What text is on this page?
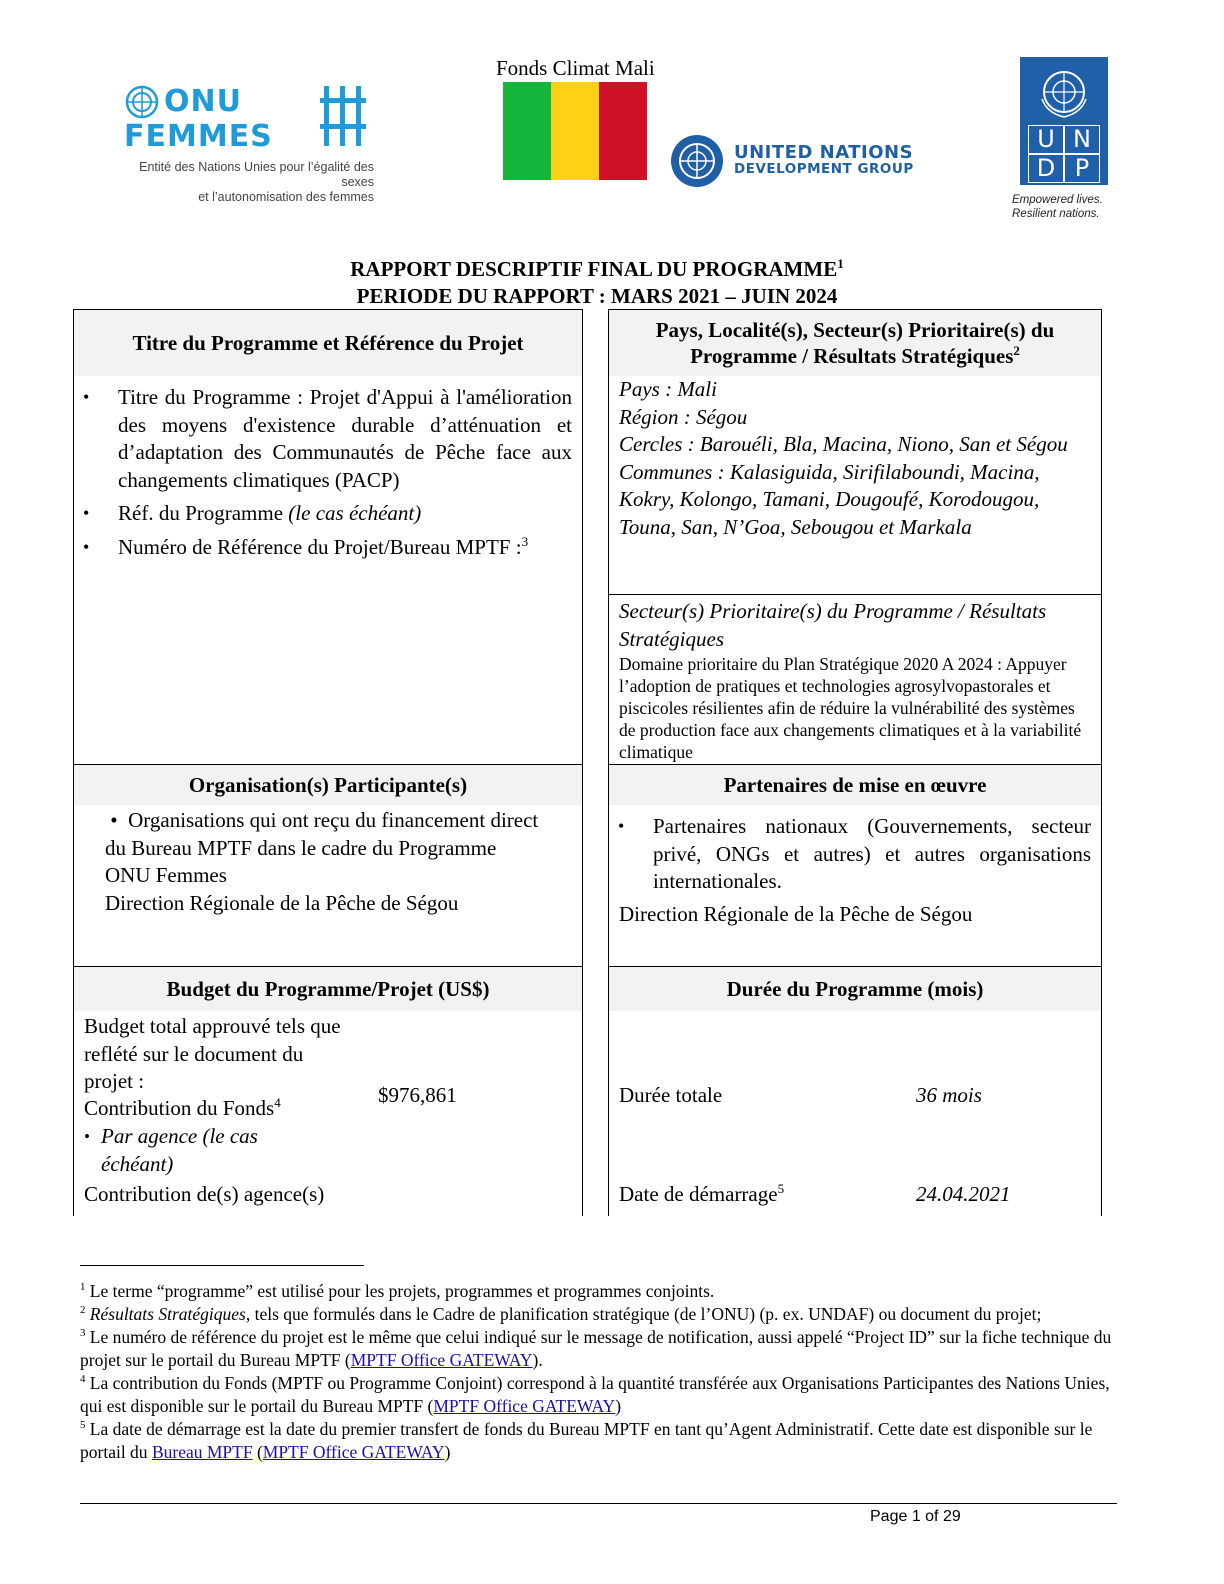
ONU
FEMMES
Entité des Nations Unies pour l’égalité des sexes
et l’autonomisation des femmes
Fonds Climat Mali
UNITED NATIONS
DEVELOPMENT GROUP
U N
D P
Empowered lives.
Resilient nations.
RAPPORT DESCRIPTIF FINAL DU PROGRAMME$^1$
PERIODE DU RAPPORT : MARS 2021 – JUIN 2024
Titre du Programme et Référence du Projet
• Titre du Programme : Projet d'Appui à l'amélioration des moyens d'existence durable d’atténuation et d’adaptation des Communautés de Pêche face aux changements climatiques (PACP)
• Réf. du Programme (le cas échéant)
• Numéro de Référence du Projet/Bureau MPTF :$^3$
Pays, Localité(s), Secteur(s) Prioritaire(s) du Programme / Résultats Stratégiques$^2$
Pays : Mali
Région : Ségou
Cercles : Barouéli, Bla, Macina, Niono, San et Ségou
Communes : Kalasiguida, Sirifilaboundi, Macina, Kokry, Kolongo, Tamani, Dougoufé, Korodougou, Touna, San, N’Goa, Sebougou et Markala
Secteur(s) Prioritaire(s) du Programme / Résultats Stratégiques
Domaine prioritaire du Plan Stratégique 2020 A 2024 : Appuyer l’adoption de pratiques et technologies agrosylvopastorales et piscicoles résilientes afin de réduire la vulnérabilité des systèmes de production face aux changements climatiques et à la variabilité climatique
Organisation(s) Participante(s)
• Organisations qui ont reçu du financement direct du Bureau MPTF dans le cadre du Programme
ONU Femmes
Direction Régionale de la Pêche de Ségou
Partenaires de mise en œuvre
• Partenaires nationaux (Gouvernements, secteur privé, ONGs et autres) et autres organisations internationales.
Direction Régionale de la Pêche de Ségou
Budget du Programme/Projet (US$)
Budget total approuvé tels que reflété sur le document du projet :
Contribution du Fonds$^4$	$976,861
• Par agence (le cas échéant)
Contribution de(s) agence(s)
Durée du Programme (mois)
Durée totale	36 mois
Date de démarrage$^5$	24.04.2021

$^1$ Le terme “programme” est utilisé pour les projets, programmes et programmes conjoints.

$^2$ Résultats Stratégiques, tels que formulés dans le Cadre de planification stratégique (de l’ONU) (p. ex. UNDAF) ou document du projet;

$^3$ Le numéro de référence du projet est le même que celui indiqué sur le message de notification, aussi appelé “Project ID” sur la fiche technique du projet sur le portail du Bureau MPTF (MPTF Office GATEWAY).

$^4$ La contribution du Fonds (MPTF ou Programme Conjoint) correspond à la quantité transférée aux Organisations Participantes des Nations Unies, qui est disponible sur le portail du Bureau MPTF (MPTF Office GATEWAY)

$^5$ La date de démarrage est la date du premier transfert de fonds du Bureau MPTF en tant qu’Agent Administratif. Cette date est disponible sur le portail du Bureau MPTF (MPTF Office GATEWAY)

Page 1 of 29
